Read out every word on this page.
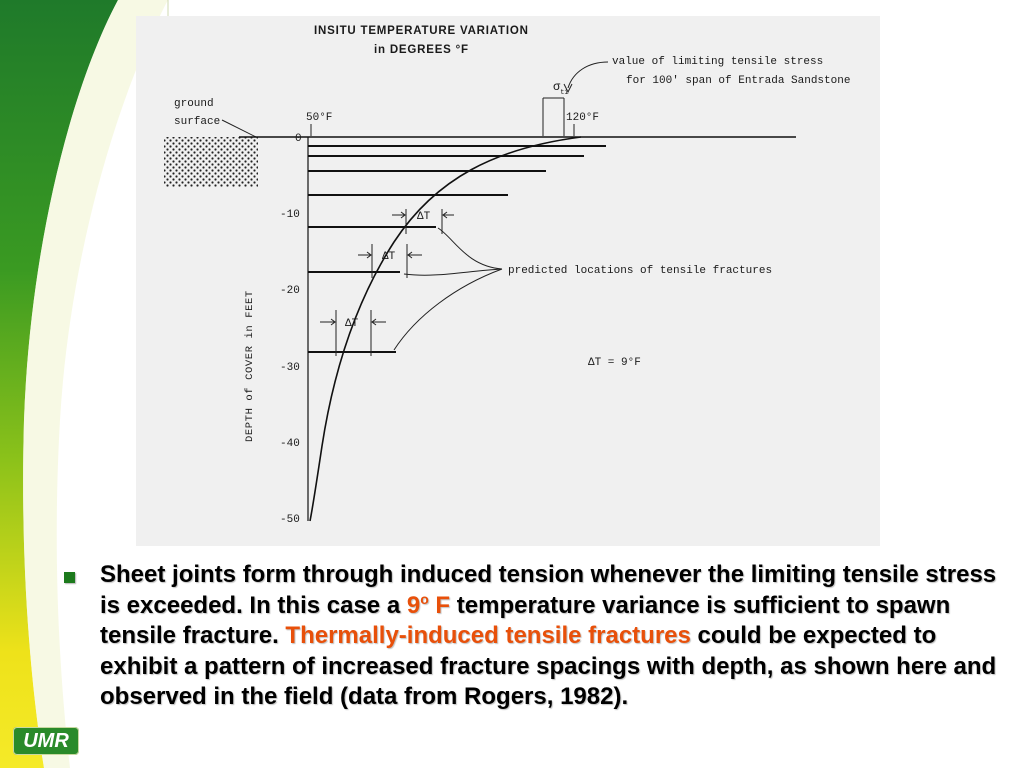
INSITU TEMPERATURE VARIATION
in DEGREES °F
ground
surface	50°F	120°F
$\sigma_{t1}$
value of limiting tensile stress
for 100' span of Entrada Sandstone
0
-10
-20
-30
-40
-50
DEPTH of COVER in FEET
ΔT
ΔT
ΔT
predicted locations of tensile fractures
ΔT = 9°F
Sheet joints form through induced tension whenever the limiting tensile stress is exceeded. In this case a 9$^o$ F temperature variance is sufficient to spawn tensile fracture. Thermally-induced tensile fractures could be expected to exhibit a pattern of increased fracture spacings with depth, as shown here and observed in the field (data from Rogers, 1982).
UMR
